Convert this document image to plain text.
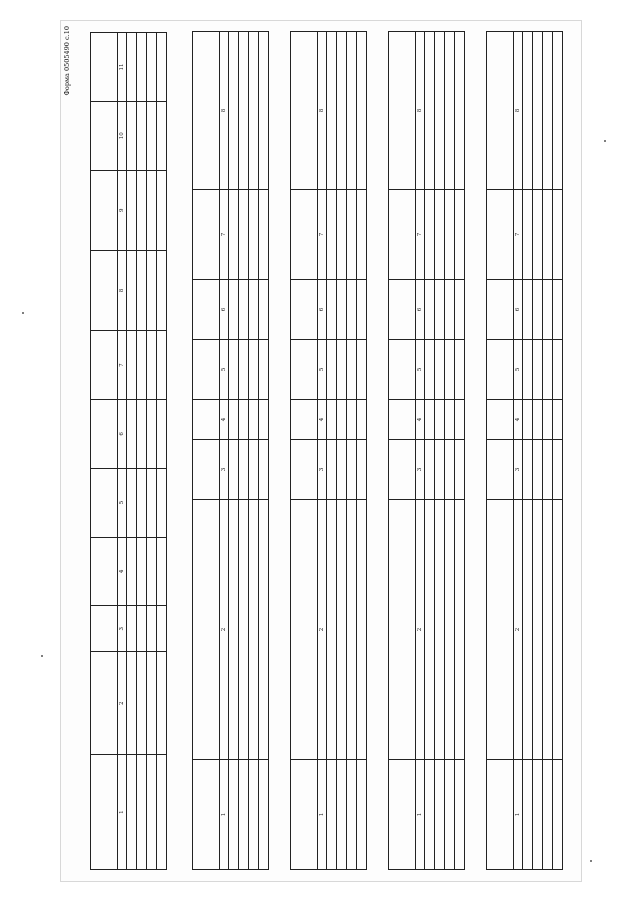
Форма 0505490 с.10

1	2	3	4	5	6	7	8	9	10	11

1	2	3	4	5	6	7	8

1	2	3	4	5	6	7	8

1	2	3	4	5	6	7	8

1	2	3	4	5	6	7	8
